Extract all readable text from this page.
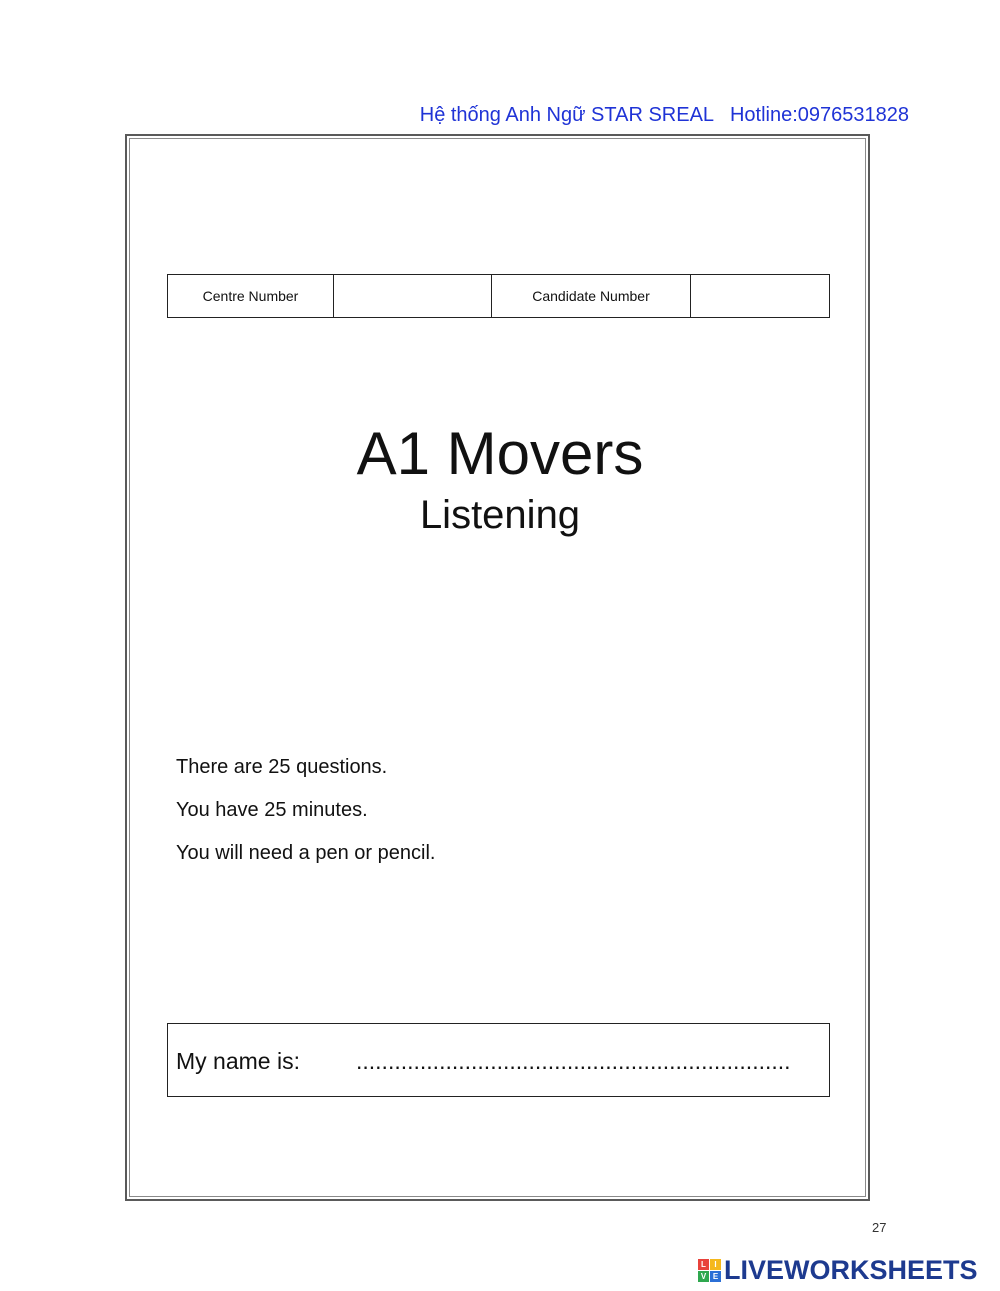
Hệ thống Anh Ngữ STAR SREAL   Hotline:0976531828
Centre Number		Candidate Number	
A1 Movers
Listening
There are 25 questions.
You have 25 minutes.
You will need a pen or pencil.
My name is: ....................................................................
27
L	I
V E LIVEWORKSHEETS
